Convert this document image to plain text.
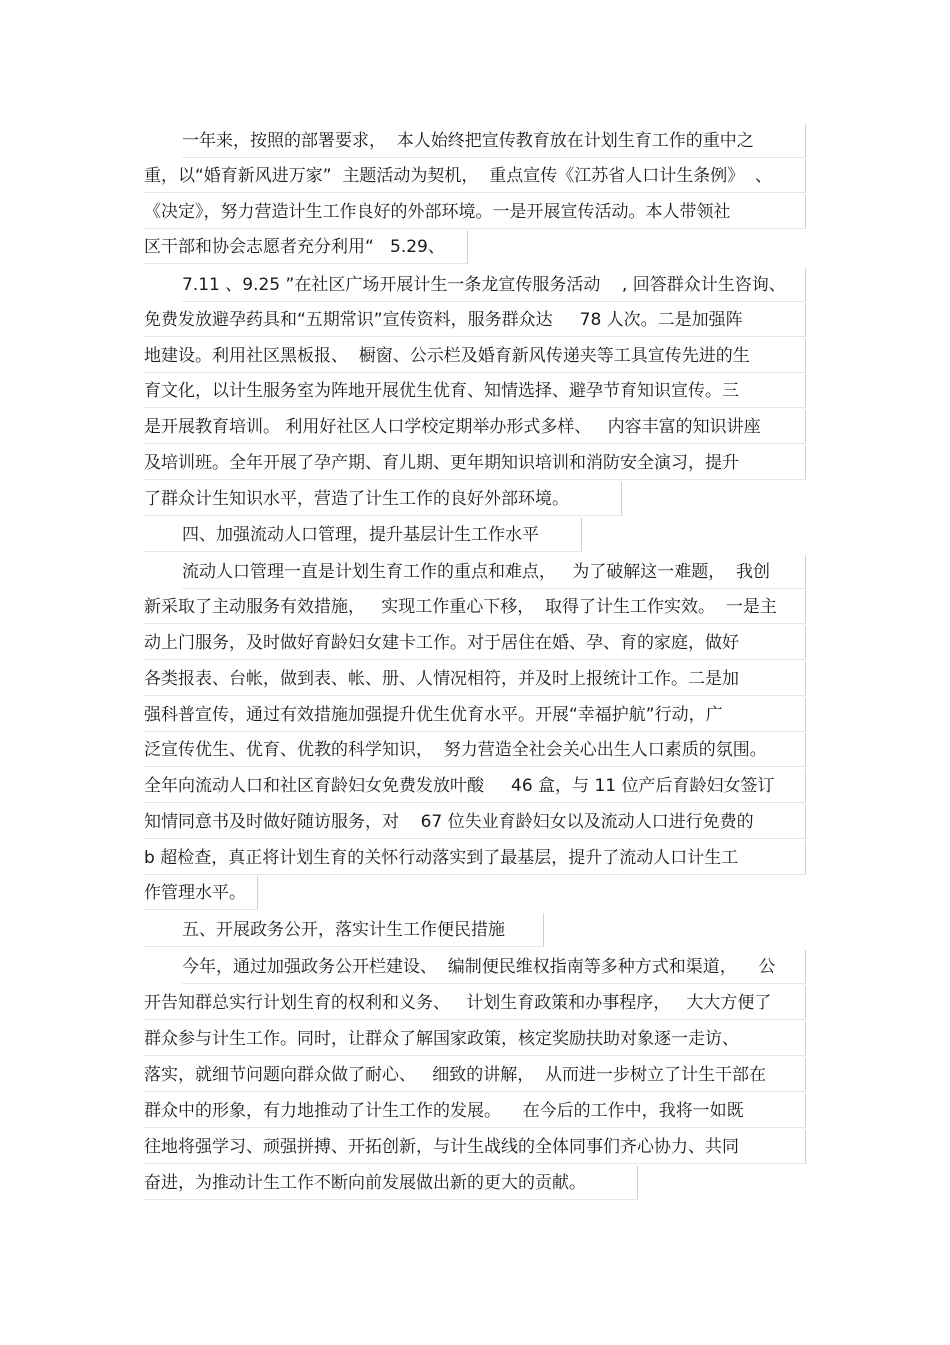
一年来，按照的部署要求，  本人始终把宣传教育放在计划生育工作的重中之
重，以“婚育新风进万家”  主题活动为契机，  重点宣传《江苏省人口计生条例》  、
《决定》，努力营造计生工作良好的外部环境。一是开展宣传活动。本人带领社
区干部和协会志愿者充分利用“   5.29、
7.11 、9.25 ”在社区广场开展计生一条龙宣传服务活动    , 回答群众计生咨询、
免费发放避孕药具和“五期常识”宣传资料，服务群众达     78 人次。二是加强阵
地建设。利用社区黑板报、  橱窗、公示栏及婚育新风传递夹等工具宣传先进的生
育文化，以计生服务室为阵地开展优生优育、知情选择、避孕节育知识宣传。三
是开展教育培训。 利用好社区人口学校定期举办形式多样、   内容丰富的知识讲座
及培训班。全年开展了孕产期、育儿期、更年期知识培训和消防安全演习，提升
了群众计生知识水平，营造了计生工作的良好外部环境。
四、加强流动人口管理，提升基层计生工作水平
流动人口管理一直是计划生育工作的重点和难点，   为了破解这一难题，  我创
新采取了主动服务有效措施，   实现工作重心下移，  取得了计生工作实效。  一是主
动上门服务，及时做好育龄妇女建卡工作。对于居住在婚、孕、育的家庭，做好
各类报表、台帐，做到表、帐、册、人情况相符，并及时上报统计工作。二是加
强科普宣传，通过有效措施加强提升优生优育水平。开展“幸福护航”行动，广
泛宣传优生、优育、优教的科学知识，  努力营造全社会关心出生人口素质的氛围。
全年向流动人口和社区育龄妇女免费发放叶酸     46 盒，与 11 位产后育龄妇女签订
知情同意书及时做好随访服务，对    67 位失业育龄妇女以及流动人口进行免费的
b 超检查，真正将计划生育的关怀行动落实到了最基层，提升了流动人口计生工
作管理水平。
五、开展政务公开，落实计生工作便民措施
今年，通过加强政务公开栏建设、  编制便民维权指南等多种方式和渠道，    公
开告知群总实行计划生育的权利和义务、   计划生育政策和办事程序，   大大方便了
群众参与计生工作。同时，让群众了解国家政策，核定奖励扶助对象逐一走访、
落实，就细节问题向群众做了耐心、   细致的讲解，  从而进一步树立了计生干部在
群众中的形象，有力地推动了计生工作的发展。    在今后的工作中，我将一如既
往地将强学习、顽强拼搏、开拓创新，与计生战线的全体同事们齐心协力、共同
奋进，为推动计生工作不断向前发展做出新的更大的贡献。
